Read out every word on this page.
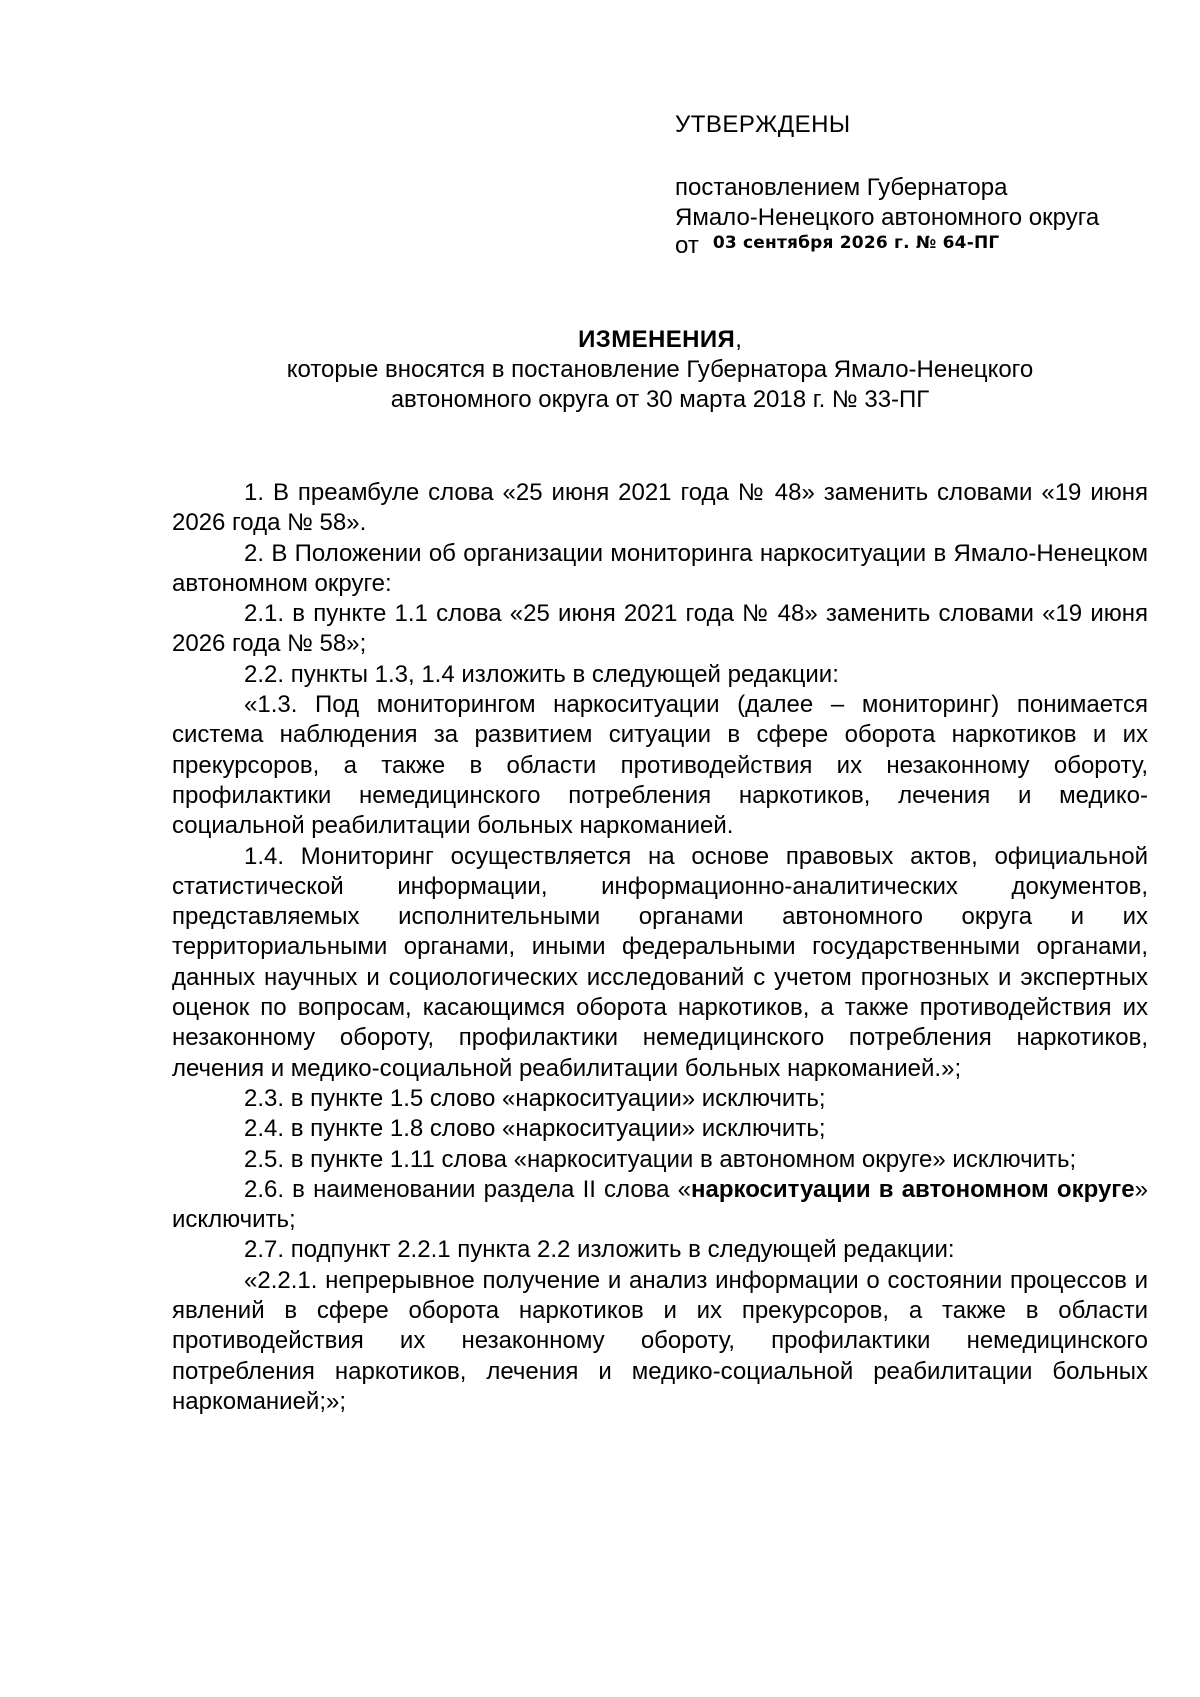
УТВЕРЖДЕНЫ
постановлением Губернатора
Ямало-Ненецкого автономного округа
от $^{03 сентября 2026 г. № 64-ПГ}$
ИЗМЕНЕНИЯ,
которые вносятся в постановление Губернатора Ямало-Ненецкого
автономного округа от 30 марта 2018 г. № 33-ПГ

1. В преамбуле слова «25 июня 2021 года № 48» заменить словами «19 июня 2026 года № 58».

2. В Положении об организации мониторинга наркоситуации в Ямало-Ненецком автономном округе:

2.1. в пункте 1.1 слова «25 июня 2021 года № 48» заменить словами «19 июня 2026 года № 58»;

2.2. пункты 1.3, 1.4 изложить в следующей редакции:

«1.3. Под мониторингом наркоситуации (далее – мониторинг) понимается система наблюдения за развитием ситуации в сфере оборота наркотиков и их прекурсоров, а также в области противодействия их незаконному обороту, профилактики немедицинского потребления наркотиков, лечения и медико-социальной реабилитации больных наркоманией.

1.4. Мониторинг осуществляется на основе правовых актов, официальной статистической информации, информационно-аналитических документов, представляемых исполнительными органами автономного округа и их территориальными органами, иными федеральными государственными органами, данных научных и социологических исследований с учетом прогнозных и экспертных оценок по вопросам, касающимся оборота наркотиков, а также противодействия их незаконному обороту, профилактики немедицинского потребления наркотиков, лечения и медико-социальной реабилитации больных наркоманией.»;

2.3. в пункте 1.5 слово «наркоситуации» исключить;

2.4. в пункте 1.8 слово «наркоситуации» исключить;

2.5. в пункте 1.11 слова «наркоситуации в автономном округе» исключить;

2.6. в наименовании раздела II слова «наркоситуации в автономном округе» исключить;

2.7. подпункт 2.2.1 пункта 2.2 изложить в следующей редакции:

«2.2.1. непрерывное получение и анализ информации о состоянии процессов и явлений в сфере оборота наркотиков и их прекурсоров, а также в области противодействия их незаконному обороту, профилактики немедицинского потребления наркотиков, лечения и медико-социальной реабилитации больных наркоманией;»;
